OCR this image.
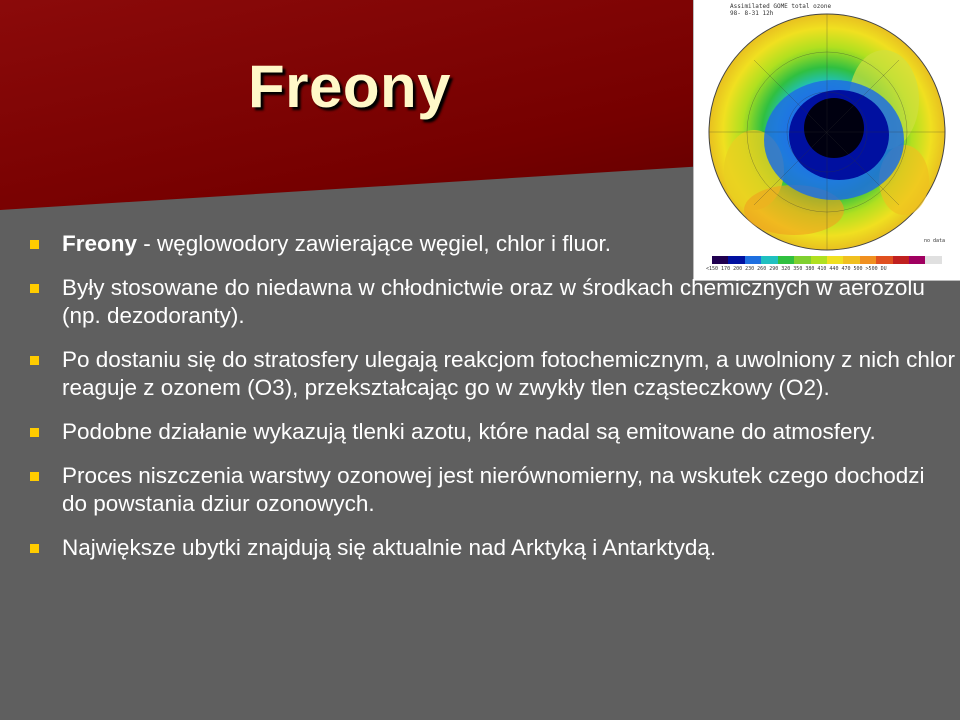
Freony
Assimilated GOME total ozone
98- 8-31 12h
no data
<150 170 200 230 260 290 320 350 380 410 440 470 500 >500 DU
Freony - węglowodory zawierające węgiel, chlor i fluor.
Były stosowane do niedawna w chłodnictwie oraz w środkach chemicznych w aerozolu (np. dezodoranty).
Po dostaniu się do stratosfery ulegają reakcjom fotochemicznym, a uwolniony z nich chlor reaguje z ozonem (O3), przekształcając go w zwykły tlen cząsteczkowy (O2).
Podobne działanie wykazują tlenki azotu, które nadal są emitowane do atmosfery.
Proces niszczenia warstwy ozonowej jest nierównomierny, na wskutek czego dochodzi do powstania dziur ozonowych.
Największe ubytki znajdują się aktualnie nad Arktyką i Antarktydą.
